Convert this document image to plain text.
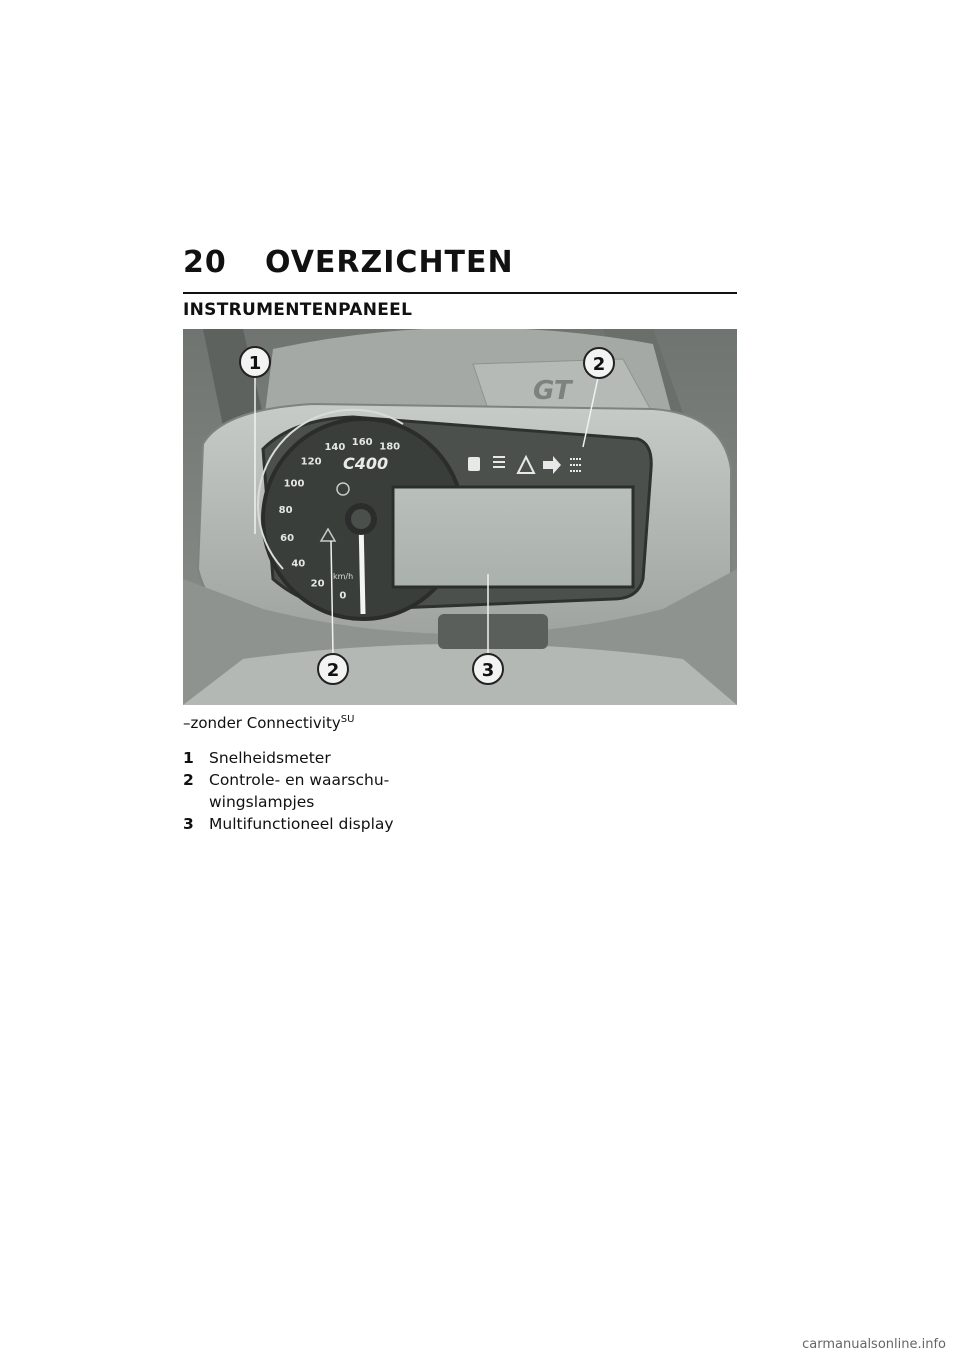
20	OVERZICHTEN
INSTRUMENTENPANEEL
GT
180
160
140
120
100
80
60
40
20
0
km/h
C400
1	2
2	3
–zonder Connectivity$^{SU}$
1 Snelheidsmeter
2 Controle- en waarschu-wingslampjes
3 Multifunctioneel display
carmanualsonline.info
